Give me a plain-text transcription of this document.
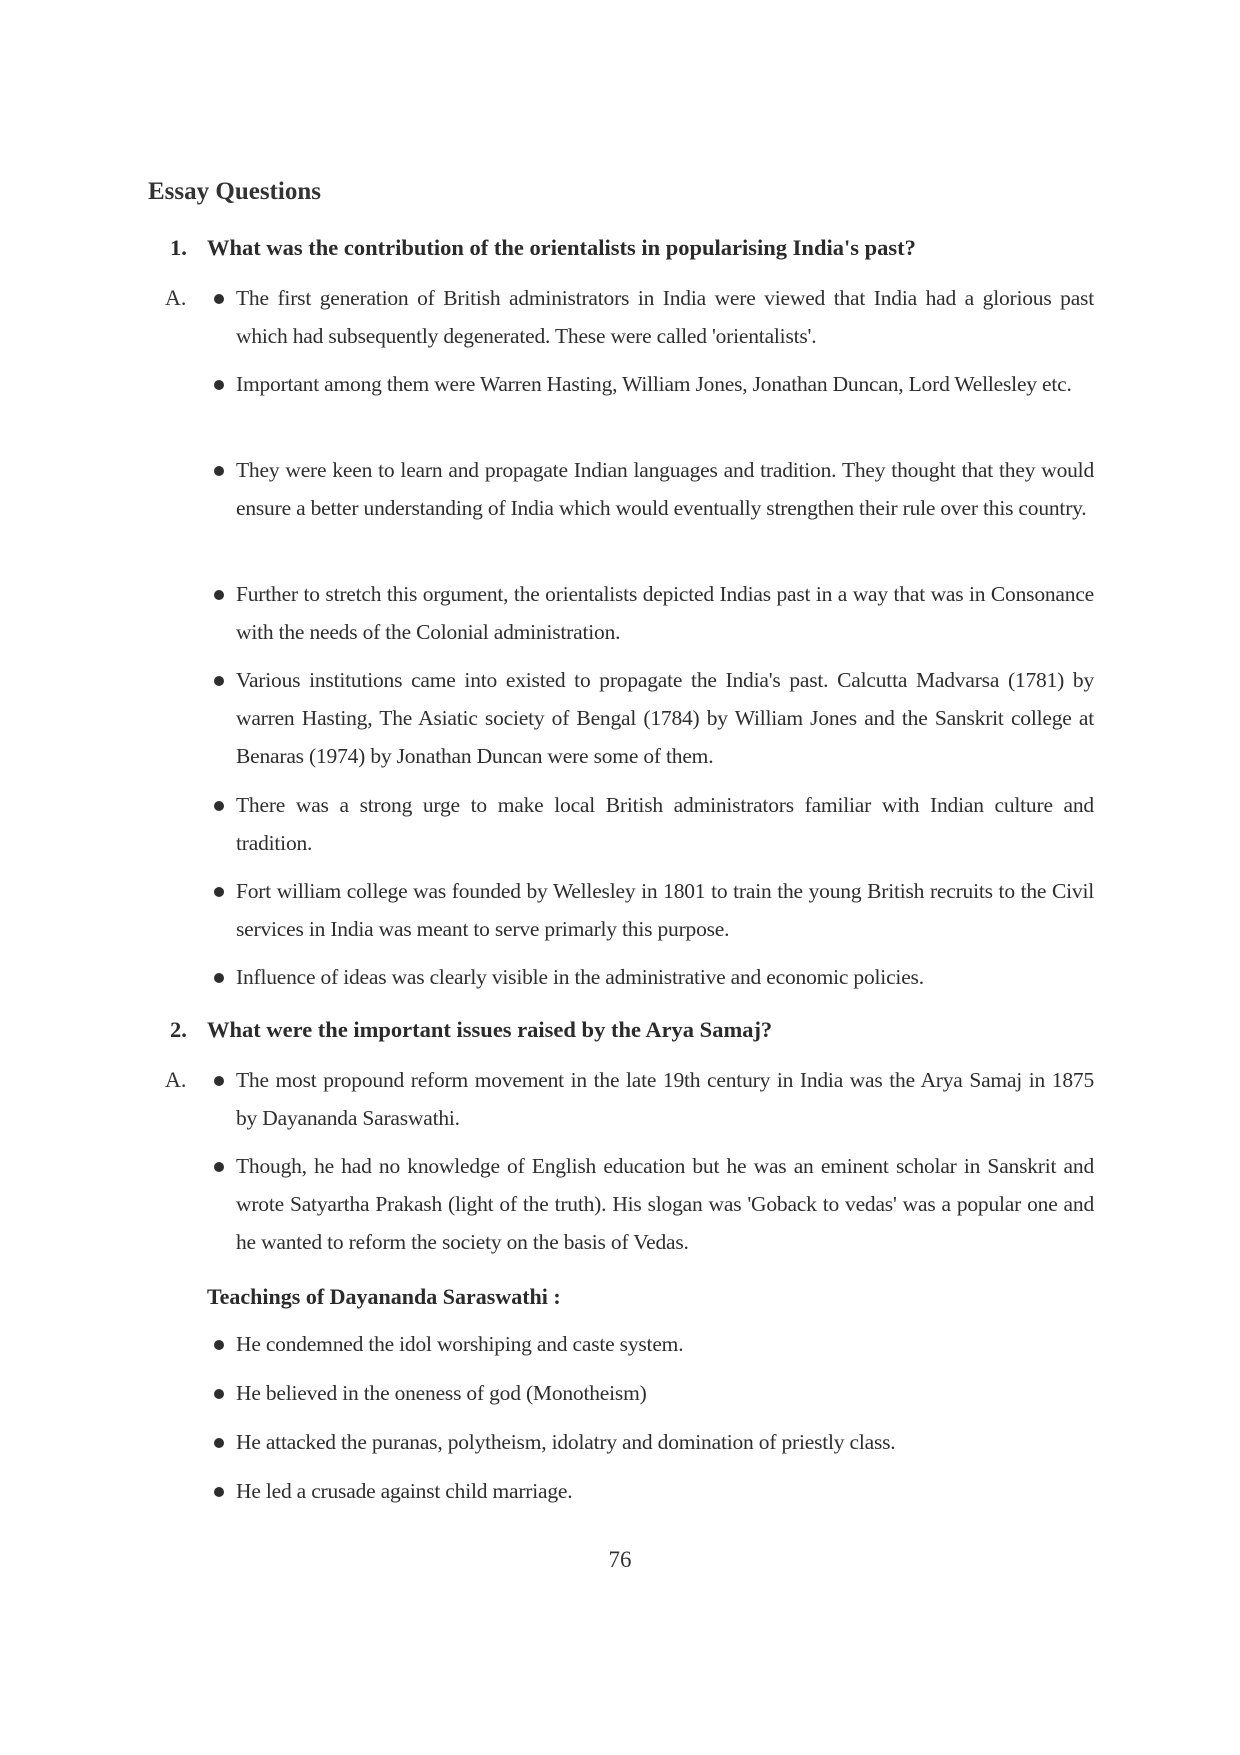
Essay Questions
1. What was the contribution of the orientalists in popularising India's past?
A. The first generation of British administrators in India were viewed that India had a glorious past which had subsequently degenerated. These were called 'orientalists'.
Important among them were Warren Hasting, William Jones, Jonathan Duncan, Lord Wellesley etc.
They were keen to learn and propagate Indian languages and tradition. They thought that they would ensure a better understanding of India which would eventually strengthen their rule over this country.
Further to stretch this orgument, the orientalists depicted Indias past in a way that was in Consonance with the needs of the Colonial administration.
Various institutions came into existed to propagate the India's past. Calcutta Madvarsa (1781) by warren Hasting, The Asiatic society of Bengal (1784) by William Jones and the Sanskrit college at Benaras (1974) by Jonathan Duncan were some of them.
There was a strong urge to make local British administrators familiar with Indian culture and tradition.
Fort william college was founded by Wellesley in 1801 to train the young British recruits to the Civil services in India was meant to serve primarly this purpose.
Influence of ideas was clearly visible in the administrative and economic policies.
2. What were the important issues raised by the Arya Samaj?
A. The most propound reform movement in the late 19th century in India was the Arya Samaj in 1875 by Dayananda Saraswathi.
Though, he had no knowledge of English education but he was an eminent scholar in Sanskrit and wrote Satyartha Prakash (light of the truth). His slogan was 'Goback to vedas' was a popular one and he wanted to reform the society on the basis of Vedas.
Teachings of Dayananda Saraswathi :
He condemned the idol worshiping and caste system.
He believed in the oneness of god (Monotheism)
He attacked the puranas, polytheism, idolatry and domination of priestly class.
He led a crusade against child marriage.
76
